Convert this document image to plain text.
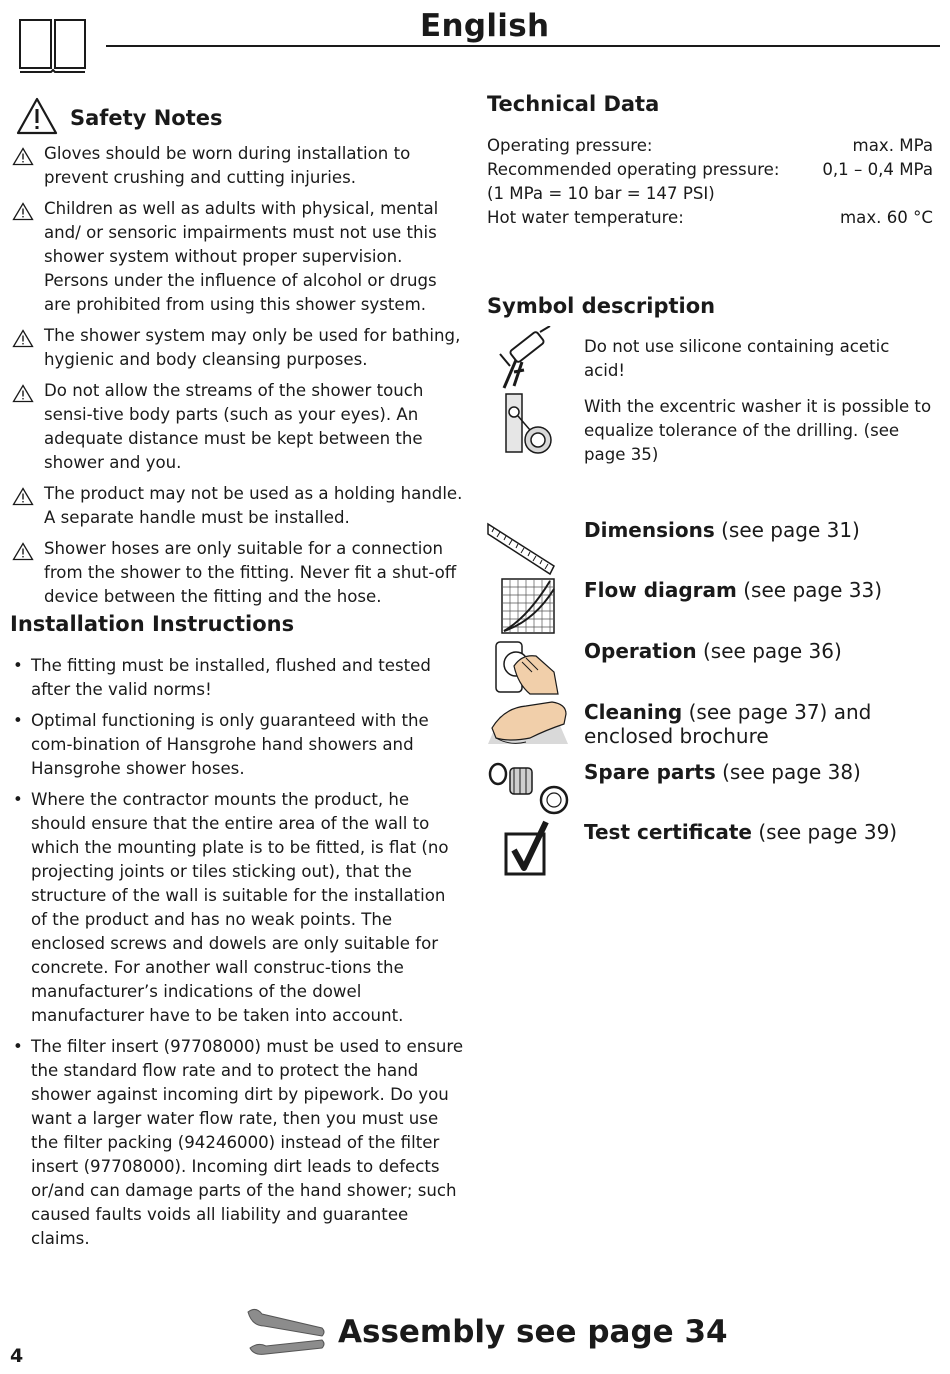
English
Safety Notes
Gloves should be worn during installation to prevent crushing and cutting injuries.
Children as well as adults with physical, mental and/ or sensoric impairments must not use this shower system without proper supervision. Persons under the influence of alcohol or drugs are prohibited from using this shower system.
The shower system may only be used for bathing, hygienic and body cleansing purposes.
Do not allow the streams of the shower touch sensi-tive body parts (such as your eyes). An adequate distance must be kept between the shower and you.
The product may not be used as a holding handle. A separate handle must be installed.
Shower hoses are only suitable for a connection from the shower to the fitting. Never fit a shut-off device between the fitting and the hose.
Installation Instructions
• The fitting must be installed, flushed and tested after the valid norms!
• Optimal functioning is only guaranteed with the com-bination of Hansgrohe hand showers and Hansgrohe shower hoses.
• Where the contractor mounts the product, he should ensure that the entire area of the wall to which the mounting plate is to be fitted, is flat (no projecting joints or tiles sticking out), that the structure of the wall is suitable for the installation of the product and has no weak points. The enclosed screws and dowels are only suitable for concrete. For another wall construc-tions the manufacturer’s indications of the dowel manufacturer have to be taken into account.
• The filter insert (97708000) must be used to ensure the standard flow rate and to protect the hand shower against incoming dirt by pipework. Do you want a larger water flow rate, then you must use the filter packing (94246000) instead of the filter insert (97708000). Incoming dirt leads to defects or/and can damage parts of the hand shower; such caused faults voids all liability and guarantee claims.
Technical Data
Operating pressure:	max. MPa
Recommended operating pressure:	0,1 – 0,4 MPa
(1 MPa = 10 bar = 147 PSI)
Hot water temperature:	max. 60 °C
Symbol description
Do not use silicone containing acetic acid!
With the excentric washer it is possible to equalize tolerance of the drilling. (see page 35)
Dimensions (see page 31)
Flow diagram (see page 33)
Operation (see page 36)
Cleaning (see page 37) and
enclosed brochure
Spare parts (see page 38)
Test certificate (see page 39)
Assembly see page 34
4
